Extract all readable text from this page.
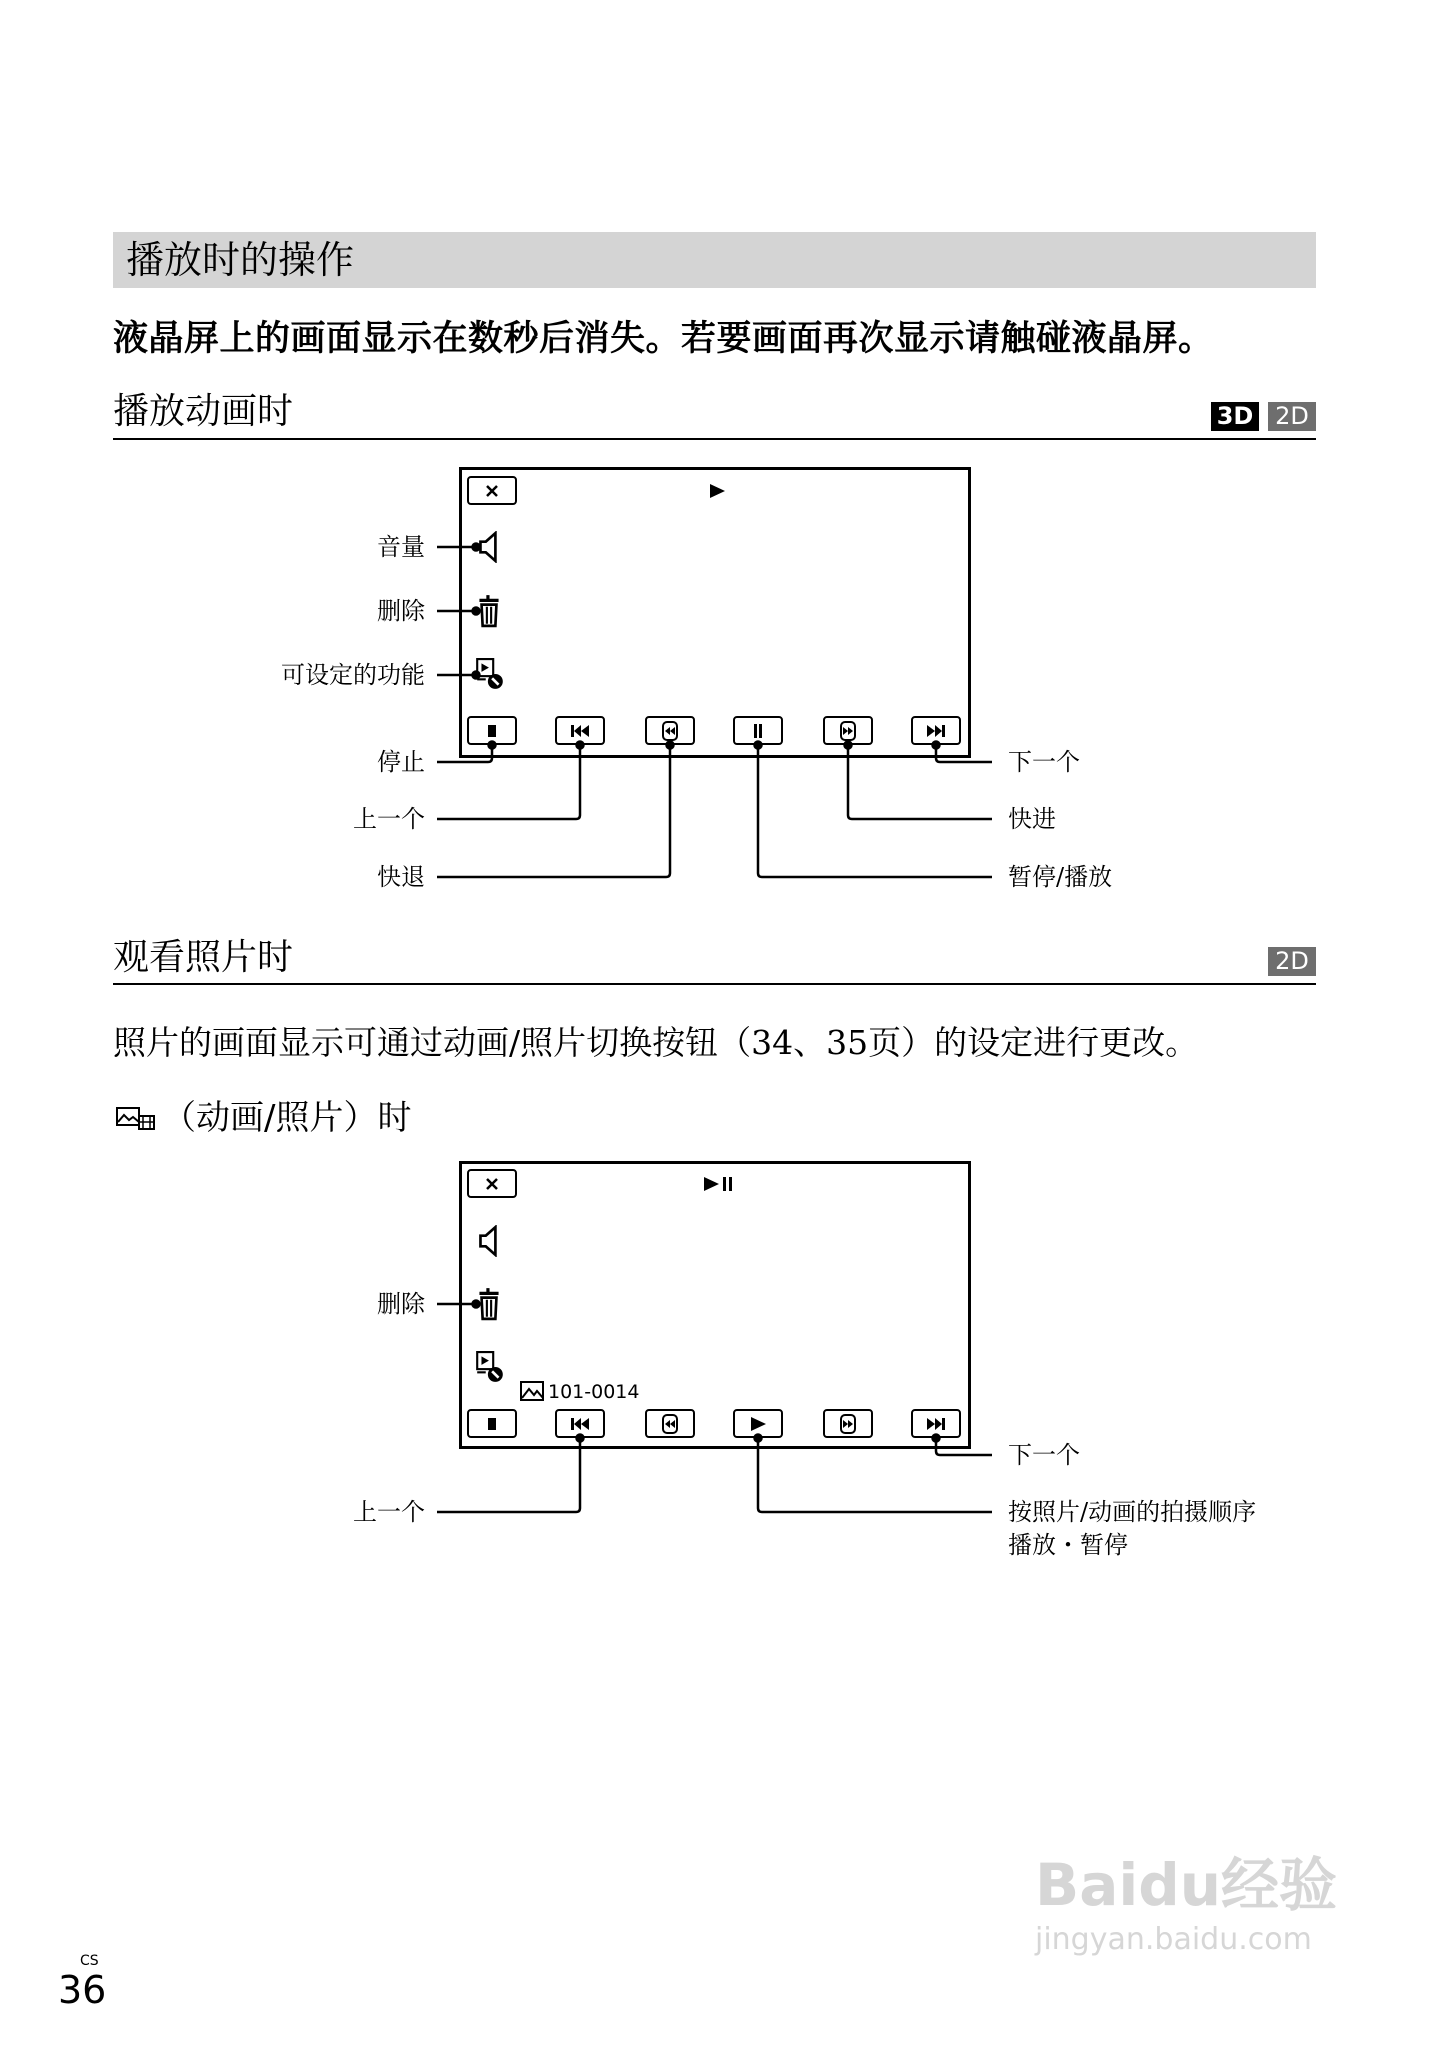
播放时的操作
液晶屏上的画面显示在数秒后消失。若要画面再次显示请触碰液晶屏。
播放动画时	3D 2D
音量
删除
可设定的功能
停止
上一个
快退
下一个
快进
暂停/播放
观看照片时	2D
照片的画面显示可通过动画/照片切换按钮（34、35页）的设定进行更改。
（动画/照片）时
101-0014
删除
下一个
上一个	按照片/动画的拍摄顺序
播放・暂停
CS
36
Baidu经验
jingyan.baidu.com
